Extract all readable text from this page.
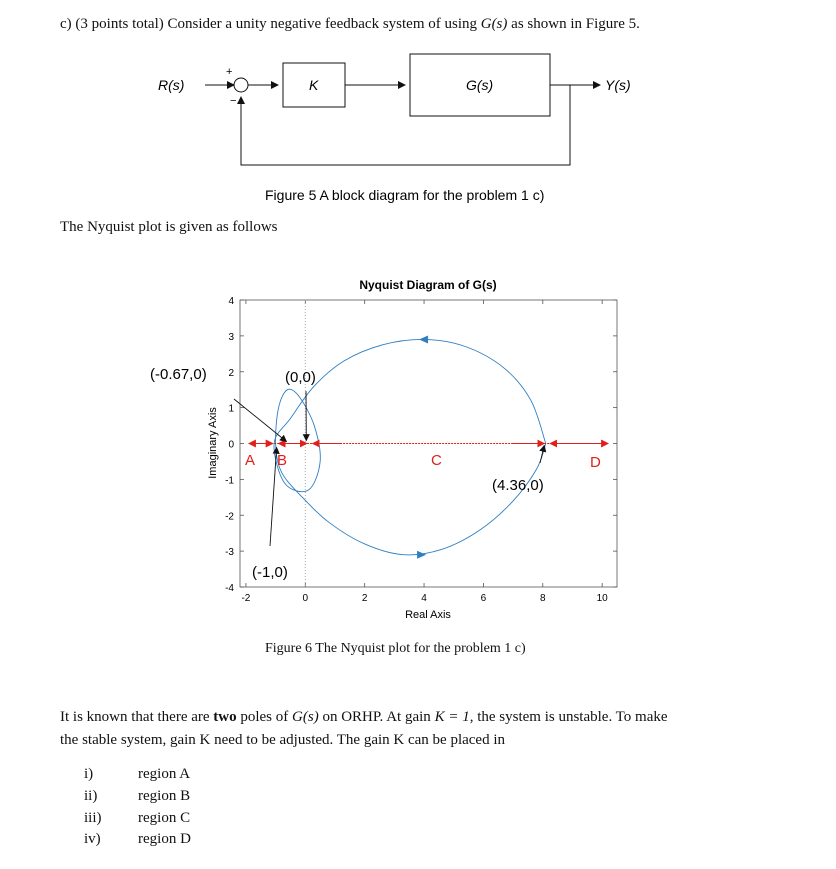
c) (3 points total) Consider a unity negative feedback system of using G(s) as shown in Figure 5.
R(s)
+
−
K	G(s)	Y(s)
Figure 5 A block diagram for the problem 1 c)
The Nyquist plot is given as follows
Nyquist Diagram of G(s)
-2	0	2	4	6	8	10
-4
-3
-2
-1
0
1
2
3
4
(-0.67,0)	(0,0)
(-1,0)
(4.36,0)
A B	C	D
Real Axis
Imaginary Axis
Figure 6 The Nyquist plot for the problem 1 c)
It is known that there are two poles of G(s) on ORHP. At gain K = 1, the system is unstable. To make
the stable system, gain K need to be adjusted. The gain K can be placed in
i)	region A
ii)	region B
iii) region C
iv) region D
